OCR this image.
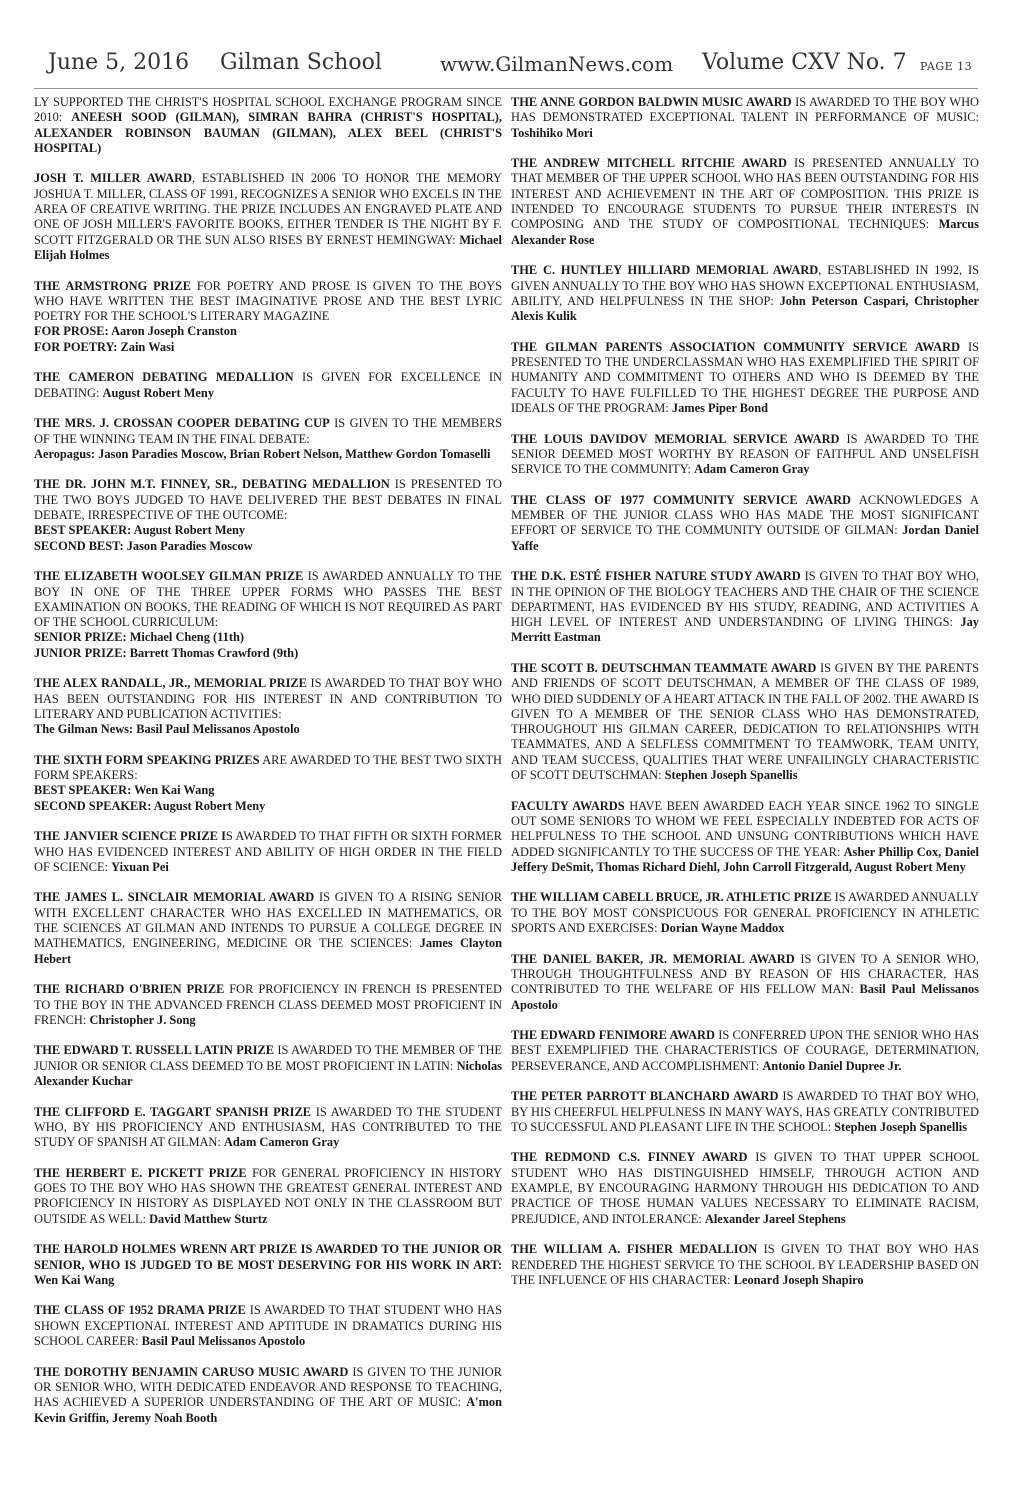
June 5, 2016 Gilman School	www.GilmanNews.com Volume CXV No. 7 PAGE 13

LY SUPPORTED THE CHRIST'S HOSPITAL SCHOOL EXCHANGE PROGRAM SINCE 2010: ANEESH SOOD (GILMAN), SIMRAN BAHRA (CHRIST'S HOSPITAL), ALEXANDER ROBINSON BAUMAN (GILMAN), ALEX BEEL (CHRIST'S HOSPITAL)

JOSH T. MILLER AWARD, ESTABLISHED IN 2006 TO HONOR THE MEMORY JOSHUA T. MILLER, CLASS OF 1991, RECOGNIZES A SENIOR WHO EXCELS IN THE AREA OF CREATIVE WRITING. THE PRIZE INCLUDES AN ENGRAVED PLATE AND ONE OF JOSH MILLER'S FAVORITE BOOKS, EITHER TENDER IS THE NIGHT BY F. SCOTT FITZGERALD OR THE SUN ALSO RISES BY ERNEST HEMINGWAY: Michael Elijah Holmes

THE ARMSTRONG PRIZE FOR POETRY AND PROSE IS GIVEN TO THE BOYS WHO HAVE WRITTEN THE BEST IMAGINATIVE PROSE AND THE BEST LYRIC POETRY FOR THE SCHOOL'S LITERARY MAGAZINE
FOR PROSE: Aaron Joseph Cranston
FOR POETRY: Zain Wasi

THE CAMERON DEBATING MEDALLION IS GIVEN FOR EXCELLENCE IN DEBATING: August Robert Meny

THE MRS. J. CROSSAN COOPER DEBATING CUP IS GIVEN TO THE MEMBERS OF THE WINNING TEAM IN THE FINAL DEBATE:
Aeropagus: Jason Paradies Moscow, Brian Robert Nelson, Matthew Gordon Tomaselli

THE DR. JOHN M.T. FINNEY, SR., DEBATING MEDALLION IS PRESENTED TO THE TWO BOYS JUDGED TO HAVE DELIVERED THE BEST DEBATES IN FINAL DEBATE, IRRESPECTIVE OF THE OUTCOME:
BEST SPEAKER: August Robert Meny
SECOND BEST: Jason Paradies Moscow

THE ELIZABETH WOOLSEY GILMAN PRIZE IS AWARDED ANNUALLY TO THE BOY IN ONE OF THE THREE UPPER FORMS WHO PASSES THE BEST EXAMINATION ON BOOKS, THE READING OF WHICH IS NOT REQUIRED AS PART OF THE SCHOOL CURRICULUM:
SENIOR PRIZE: Michael Cheng (11th)
JUNIOR PRIZE: Barrett Thomas Crawford (9th)

THE ALEX RANDALL, JR., MEMORIAL PRIZE IS AWARDED TO THAT BOY WHO HAS BEEN OUTSTANDING FOR HIS INTEREST IN AND CONTRIBUTION TO LITERARY AND PUBLICATION ACTIVITIES:
The Gilman News: Basil Paul Melissanos Apostolo

THE SIXTH FORM SPEAKING PRIZES ARE AWARDED TO THE BEST TWO SIXTH FORM SPEAKERS:
BEST SPEAKER: Wen Kai Wang
SECOND SPEAKER: August Robert Meny

THE JANVIER SCIENCE PRIZE IS AWARDED TO THAT FIFTH OR SIXTH FORMER WHO HAS EVIDENCED INTEREST AND ABILITY OF HIGH ORDER IN THE FIELD OF SCIENCE: Yixuan Pei

THE JAMES L. SINCLAIR MEMORIAL AWARD IS GIVEN TO A RISING SENIOR WITH EXCELLENT CHARACTER WHO HAS EXCELLED IN MATHEMATICS, OR THE SCIENCES AT GILMAN AND INTENDS TO PURSUE A COLLEGE DEGREE IN MATHEMATICS, ENGINEERING, MEDICINE OR THE SCIENCES: James Clayton Hebert

THE RICHARD O'BRIEN PRIZE FOR PROFICIENCY IN FRENCH IS PRESENTED TO THE BOY IN THE ADVANCED FRENCH CLASS DEEMED MOST PROFICIENT IN FRENCH: Christopher J. Song

THE EDWARD T. RUSSELL LATIN PRIZE IS AWARDED TO THE MEMBER OF THE JUNIOR OR SENIOR CLASS DEEMED TO BE MOST PROFICIENT IN LATIN: Nicholas Alexander Kuchar

THE CLIFFORD E. TAGGART SPANISH PRIZE IS AWARDED TO THE STUDENT WHO, BY HIS PROFICIENCY AND ENTHUSIASM, HAS CONTRIBUTED TO THE STUDY OF SPANISH AT GILMAN: Adam Cameron Gray

THE HERBERT E. PICKETT PRIZE FOR GENERAL PROFICIENCY IN HISTORY GOES TO THE BOY WHO HAS SHOWN THE GREATEST GENERAL INTEREST AND PROFICIENCY IN HISTORY AS DISPLAYED NOT ONLY IN THE CLASSROOM BUT OUTSIDE AS WELL: David Matthew Sturtz

THE HAROLD HOLMES WRENN ART PRIZE IS AWARDED TO THE JUNIOR OR SENIOR, WHO IS JUDGED TO BE MOST DESERVING FOR HIS WORK IN ART: Wen Kai Wang

THE CLASS OF 1952 DRAMA PRIZE IS AWARDED TO THAT STUDENT WHO HAS SHOWN EXCEPTIONAL INTEREST AND APTITUDE IN DRAMATICS DURING HIS SCHOOL CAREER: Basil Paul Melissanos Apostolo

THE DOROTHY BENJAMIN CARUSO MUSIC AWARD IS GIVEN TO THE JUNIOR OR SENIOR WHO, WITH DEDICATED ENDEAVOR AND RESPONSE TO TEACHING, HAS ACHIEVED A SUPERIOR UNDERSTANDING OF THE ART OF MUSIC: A'mon Kevin Griffin, Jeremy Noah Booth

THE ANNE GORDON BALDWIN MUSIC AWARD IS AWARDED TO THE BOY WHO HAS DEMONSTRATED EXCEPTIONAL TALENT IN PERFORMANCE OF MUSIC: Toshihiko Mori

THE ANDREW MITCHELL RITCHIE AWARD IS PRESENTED ANNUALLY TO THAT MEMBER OF THE UPPER SCHOOL WHO HAS BEEN OUTSTANDING FOR HIS INTEREST AND ACHIEVEMENT IN THE ART OF COMPOSITION. THIS PRIZE IS INTENDED TO ENCOURAGE STUDENTS TO PURSUE THEIR INTERESTS IN COMPOSING AND THE STUDY OF COMPOSITIONAL TECHNIQUES: Marcus Alexander Rose

THE C. HUNTLEY HILLIARD MEMORIAL AWARD, ESTABLISHED IN 1992, IS GIVEN ANNUALLY TO THE BOY WHO HAS SHOWN EXCEPTIONAL ENTHUSIASM, ABILITY, AND HELPFULNESS IN THE SHOP: John Peterson Caspari, Christopher Alexis Kulik

THE GILMAN PARENTS ASSOCIATION COMMUNITY SERVICE AWARD IS PRESENTED TO THE UNDERCLASSMAN WHO HAS EXEMPLIFIED THE SPIRIT OF HUMANITY AND COMMITMENT TO OTHERS AND WHO IS DEEMED BY THE FACULTY TO HAVE FULFILLED TO THE HIGHEST DEGREE THE PURPOSE AND IDEALS OF THE PROGRAM: James Piper Bond

THE LOUIS DAVIDOV MEMORIAL SERVICE AWARD IS AWARDED TO THE SENIOR DEEMED MOST WORTHY BY REASON OF FAITHFUL AND UNSELFISH SERVICE TO THE COMMUNITY: Adam Cameron Gray

THE CLASS OF 1977 COMMUNITY SERVICE AWARD ACKNOWLEDGES A MEMBER OF THE JUNIOR CLASS WHO HAS MADE THE MOST SIGNIFICANT EFFORT OF SERVICE TO THE COMMUNITY OUTSIDE OF GILMAN: Jordan Daniel Yaffe

THE D.K. ESTÉ FISHER NATURE STUDY AWARD IS GIVEN TO THAT BOY WHO, IN THE OPINION OF THE BIOLOGY TEACHERS AND THE CHAIR OF THE SCIENCE DEPARTMENT, HAS EVIDENCED BY HIS STUDY, READING, AND ACTIVITIES A HIGH LEVEL OF INTEREST AND UNDERSTANDING OF LIVING THINGS: Jay Merritt Eastman

THE SCOTT B. DEUTSCHMAN TEAMMATE AWARD IS GIVEN BY THE PARENTS AND FRIENDS OF SCOTT DEUTSCHMAN, A MEMBER OF THE CLASS OF 1989, WHO DIED SUDDENLY OF A HEART ATTACK IN THE FALL OF 2002. THE AWARD IS GIVEN TO A MEMBER OF THE SENIOR CLASS WHO HAS DEMONSTRATED, THROUGHOUT HIS GILMAN CAREER, DEDICATION TO RELATIONSHIPS WITH TEAMMATES, AND A SELFLESS COMMITMENT TO TEAMWORK, TEAM UNITY, AND TEAM SUCCESS, QUALITIES THAT WERE UNFAILINGLY CHARACTERISTIC OF SCOTT DEUTSCHMAN: Stephen Joseph Spanellis

FACULTY AWARDS HAVE BEEN AWARDED EACH YEAR SINCE 1962 TO SINGLE OUT SOME SENIORS TO WHOM WE FEEL ESPECIALLY INDEBTED FOR ACTS OF HELPFULNESS TO THE SCHOOL AND UNSUNG CONTRIBUTIONS WHICH HAVE ADDED SIGNIFICANTLY TO THE SUCCESS OF THE YEAR: Asher Phillip Cox, Daniel Jeffery DeSmit, Thomas Richard Diehl, John Carroll Fitzgerald, August Robert Meny

THE WILLIAM CABELL BRUCE, JR. ATHLETIC PRIZE IS AWARDED ANNUALLY TO THE BOY MOST CONSPICUOUS FOR GENERAL PROFICIENCY IN ATHLETIC SPORTS AND EXERCISES: Dorian Wayne Maddox

THE DANIEL BAKER, JR. MEMORIAL AWARD IS GIVEN TO A SENIOR WHO, THROUGH THOUGHTFULNESS AND BY REASON OF HIS CHARACTER, HAS CONTRIBUTED TO THE WELFARE OF HIS FELLOW MAN: Basil Paul Melissanos Apostolo

THE EDWARD FENIMORE AWARD IS CONFERRED UPON THE SENIOR WHO HAS BEST EXEMPLIFIED THE CHARACTERISTICS OF COURAGE, DETERMINATION, PERSEVERANCE, AND ACCOMPLISHMENT: Antonio Daniel Dupree Jr.

THE PETER PARROTT BLANCHARD AWARD IS AWARDED TO THAT BOY WHO, BY HIS CHEERFUL HELPFULNESS IN MANY WAYS, HAS GREATLY CONTRIBUTED TO SUCCESSFUL AND PLEASANT LIFE IN THE SCHOOL: Stephen Joseph Spanellis

THE REDMOND C.S. FINNEY AWARD IS GIVEN TO THAT UPPER SCHOOL STUDENT WHO HAS DISTINGUISHED HIMSELF, THROUGH ACTION AND EXAMPLE, BY ENCOURAGING HARMONY THROUGH HIS DEDICATION TO AND PRACTICE OF THOSE HUMAN VALUES NECESSARY TO ELIMINATE RACISM, PREJUDICE, AND INTOLERANCE: Alexander Jareel Stephens

THE WILLIAM A. FISHER MEDALLION IS GIVEN TO THAT BOY WHO HAS RENDERED THE HIGHEST SERVICE TO THE SCHOOL BY LEADERSHIP BASED ON THE INFLUENCE OF HIS CHARACTER: Leonard Joseph Shapiro
